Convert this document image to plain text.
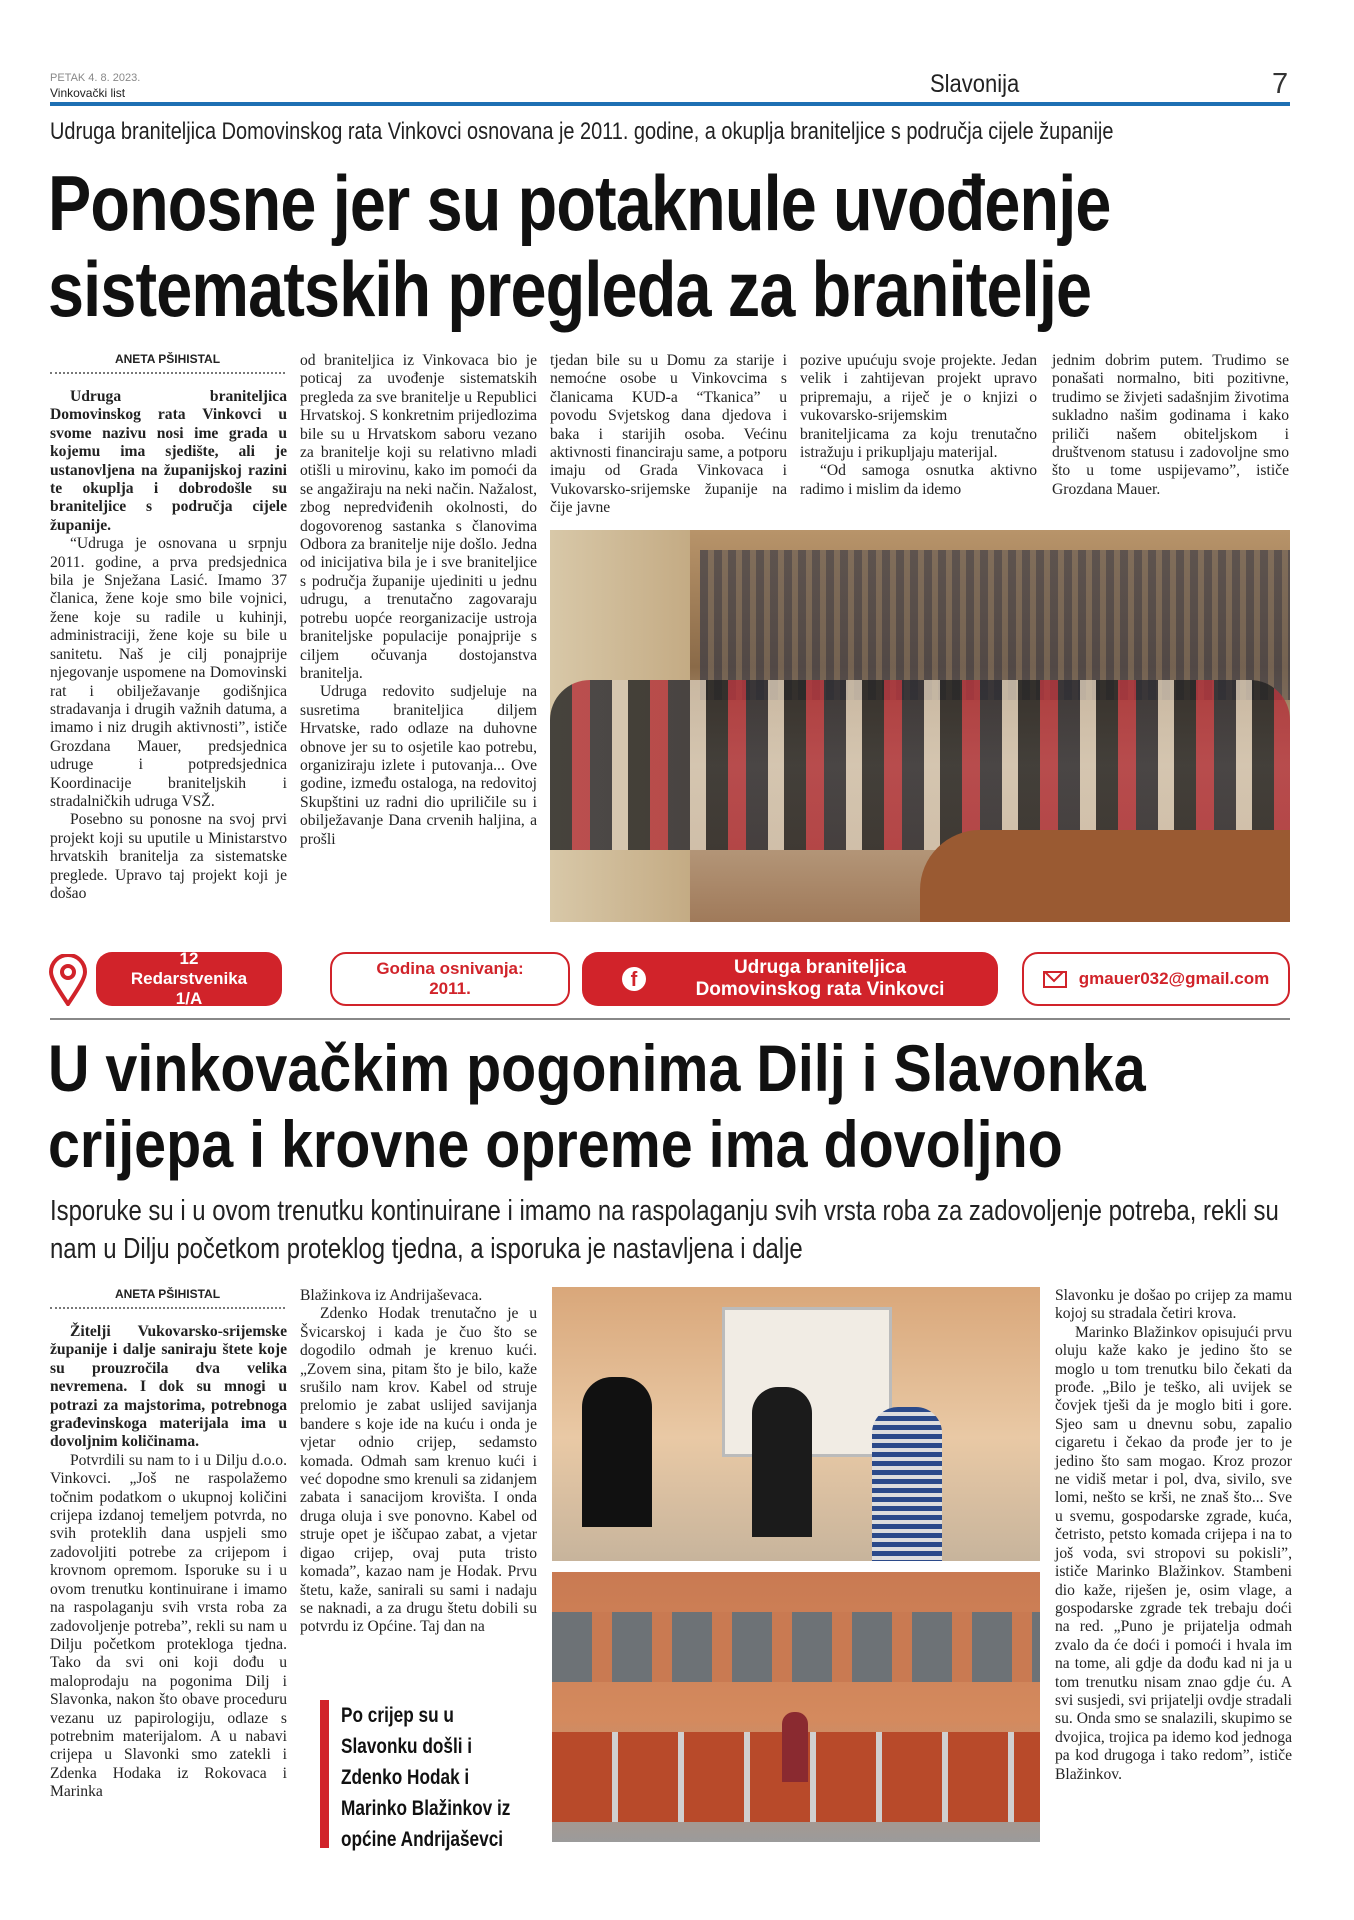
PETAK 4. 8. 2023.
Vinkovački list	Slavonija	7
Udruga braniteljica Domovinskog rata Vinkovci osnovana je 2011. godine, a okuplja braniteljice s područja cijele županije
Ponosne jer su potaknule uvođenje
sistematskih pregleda za branitelje
ANETA PŠIHISTAL

Udruga braniteljica Domovinskog rata Vinkovci u svome nazivu nosi ime grada u kojemu ima sjedište, ali je ustanovljena na županijskoj razini te okuplja i dobrodošle su braniteljice s područja cijele županije.

“Udruga je osnovana u srpnju 2011. godine, a prva predsjednica bila je Snježana Lasić. Imamo 37 članica, žene koje smo bile vojnici, žene koje su radile u kuhinji, administraciji, žene koje su bile u sanitetu. Naš je cilj ponajprije njegovanje uspomene na Domovinski rat i obilježavanje godišnjica stradavanja i drugih važnih datuma, a imamo i niz drugih aktivnosti”, ističe Grozdana Mauer, predsjednica udruge i potpredsjednica Koordinacije braniteljskih i stradalničkih udruga VSŽ.

Posebno su ponosne na svoj prvi projekt koji su uputile u Ministarstvo hrvatskih branitelja za sistematske preglede. Upravo taj projekt koji je došao

od braniteljica iz Vinkovaca bio je poticaj za uvođenje sistematskih pregleda za sve branitelje u Republici Hrvatskoj. S konkretnim prijedlozima bile su u Hrvatskom saboru vezano za branitelje koji su relativno mladi otišli u mirovinu, kako im pomoći da se angažiraju na neki način. Nažalost, zbog nepredviđenih okolnosti, do dogovorenog sastanka s članovima Odbora za branitelje nije došlo. Jedna od inicijativa bila je i sve braniteljice s područja županije ujediniti u jednu udrugu, a trenutačno zagovaraju potrebu uopće reorganizacije ustroja braniteljske populacije ponajprije s ciljem očuvanja dostojanstva branitelja.

Udruga redovito sudjeluje na susretima braniteljica diljem Hrvatske, rado odlaze na duhovne obnove jer su to osjetile kao potrebu, organiziraju izlete i putovanja... Ove godine, između ostaloga, na redovitoj Skupštini uz radni dio upriličile su i obilježavanje Dana crvenih haljina, a prošli

tjedan bile su u Domu za starije i nemoćne osobe u Vinkovcima s članicama KUD-a “Tkanica” u povodu Svjetskog dana djedova i baka i starijih osoba. Većinu aktivnosti financiraju same, a potporu imaju od Grada Vinkovaca i Vukovarsko-srijemske županije na čije javne

pozive upućuju svoje projekte. Jedan velik i zahtijevan projekt upravo pripremaju, a riječ je o knjizi o vukovarsko-srijemskim braniteljicama za koju trenutačno istražuju i prikupljaju materijal.

“Od samoga osnutka aktivno radimo i mislim da idemo

jednim dobrim putem. Trudimo se ponašati normalno, biti pozitivne, trudimo se živjeti sadašnjim životima sukladno našim godinama i kako priliči našem obiteljskom i društvenom statusu i zadovoljne smo što u tome uspijevamo”, ističe Grozdana Mauer.

12 Redarstvenika 1/A
Godina osnivanja:
2011.	f
Udruga braniteljica Domovinskog rata Vinkovci
gmauer032@gmail.com
U vinkovačkim pogonima Dilj i Slavonka
crijepa i krovne opreme ima dovoljno
Isporuke su i u ovom trenutku kontinuirane i imamo na raspolaganju svih vrsta roba za zadovoljenje potreba, rekli su nam u Dilju početkom proteklog tjedna, a isporuka je nastavljena i dalje
ANETA PŠIHISTAL

Žitelji Vukovarsko-srijemske županije i dalje saniraju štete koje su prouzročila dva velika nevremena. I dok su mnogi u potrazi za majstorima, potrebnoga građevinskoga materijala ima u dovoljnim količinama.

Potvrdili su nam to i u Dilju d.o.o. Vinkovci. „Još ne raspolažemo točnim podatkom o ukupnoj količini crijepa izdanoj temeljem potvrda, no svih proteklih dana uspjeli smo zadovoljiti potrebe za crijepom i krovnom opremom. Isporuke su i u ovom trenutku kontinuirane i imamo na raspolaganju svih vrsta roba za zadovoljenje potreba”, rekli su nam u Dilju početkom protekloga tjedna. Tako da svi oni koji dođu u maloprodaju na pogonima Dilj i Slavonka, nakon što obave proceduru vezanu uz papirologiju, odlaze s potrebnim materijalom. A u nabavi crijepa u Slavonki smo zatekli i Zdenka Hodaka iz Rokovaca i Marinka

Blažinkova iz Andrijaševaca.

Zdenko Hodak trenutačno je u Švicarskoj i kada je čuo što se dogodilo odmah je krenuo kući. „Zovem sina, pitam što je bilo, kaže srušilo nam krov. Kabel od struje prelomio je zabat uslijed savijanja bandere s koje ide na kuću i onda je vjetar odnio crijep, sedamsto komada. Odmah sam krenuo kući i već dopodne smo krenuli sa zidanjem zabata i sanacijom krovišta. I onda druga oluja i sve ponovno. Kabel od struje opet je iščupao zabat, a vjetar digao crijep, ovaj puta tristo komada”, kazao nam je Hodak. Prvu štetu, kaže, sanirali su sami i nadaju se naknadi, a za drugu štetu dobili su potvrdu iz Općine. Taj dan na

Po crijep su u
Slavonku došli i
Zdenko Hodak i
Marinko Blažinkov iz
općine Andrijaševci

Slavonku je došao po crijep za mamu kojoj su stradala četiri krova.

Marinko Blažinkov opisujući prvu oluju kaže kako je jedino što se moglo u tom trenutku bilo čekati da prođe. „Bilo je teško, ali uvijek se čovjek tješi da je moglo biti i gore. Sjeo sam u dnevnu sobu, zapalio cigaretu i čekao da prođe jer to je jedino što sam mogao. Kroz prozor ne vidiš metar i pol, dva, sivilo, sve lomi, nešto se krši, ne znaš što... Sve u svemu, gospodarske zgrade, kuća, četristo, petsto komada crijepa i na to još voda, svi stropovi su pokisli”, ističe Marinko Blažinkov. Stambeni dio kaže, riješen je, osim vlage, a gospodarske zgrade tek trebaju doći na red. „Puno je prijatelja odmah zvalo da će doći i pomoći i hvala im na tome, ali gdje da dođu kad ni ja u tom trenutku nisam znao gdje ću. A svi susjedi, svi prijatelji ovdje stradali su. Onda smo se snalazili, skupimo se dvojica, trojica pa idemo kod jednoga pa kod drugoga i tako redom”, ističe Blažinkov.
